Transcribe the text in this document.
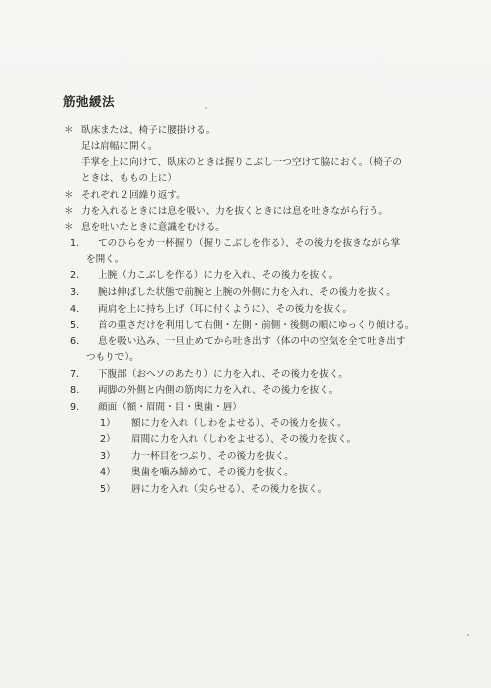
筋弛緩法
＊ 臥床または、椅子に腰掛ける。
足は肩幅に開く。
手掌を上に向けて、臥床のときは握りこぶし一つ空けて脇におく。（椅子の
ときは、ももの上に）
＊ それぞれ２回繰り返す。
＊ 力を入れるときには息を吸い、力を抜くときには息を吐きながら行う。
＊ 息を吐いたときに意識をむける。
1. てのひらをカ一杯握り（握りこぶしを作る）、その後力を抜きながら掌
を開く。
2. 上腕（力こぶしを作る）に力を入れ、その後力を抜く。
3. 腕は伸ばした状態で前腕と上腕の外側に力を入れ、その後力を抜く。
4. 両肩を上に持ち上げ（耳に付くように）、その後力を抜く。
5. 首の重さだけを利用して右側・左側・前側・後側の順にゆっくり傾ける。
6. 息を吸い込み、一旦止めてから吐き出す（体の中の空気を全て吐き出す
つもりで）。
7. 下腹部（おへソのあたり）に力を入れ、その後力を抜く。
8. 両脚の外側と内側の筋肉に力を入れ、その後力を抜く。
9. 顔面（額・眉間・目・奥歯・唇）
1） 額に力を入れ（しわをよせる）、その後力を抜く。
2） 眉間に力を入れ（しわをよせる）、その後力を抜く。
3） 力一杯目をつぶり、その後力を抜く。
4） 奥歯を噛み締めて、その後力を抜く。
5） 唇に力を入れ（尖らせる）、その後力を抜く。
